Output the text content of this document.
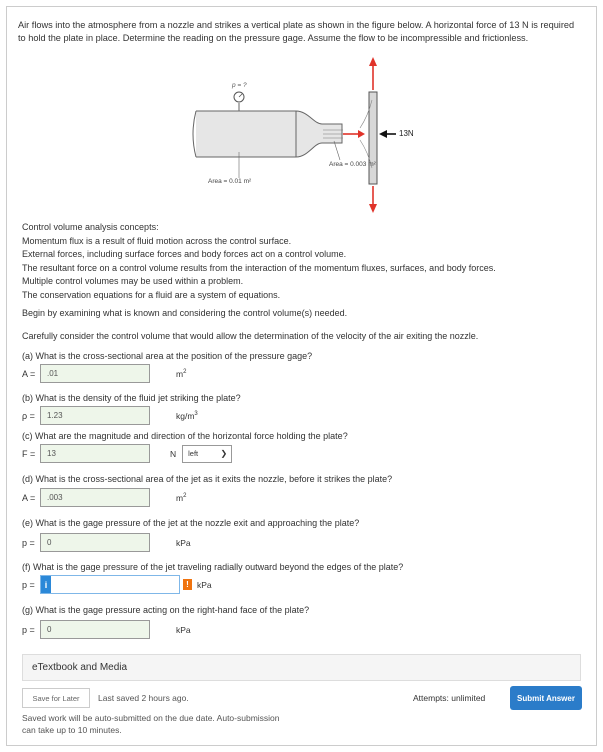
Air flows into the atmosphere from a nozzle and strikes a vertical plate as shown in the figure below. A horizontal force of 13 N is required to hold the plate in place. Determine the reading on the pressure gage. Assume the flow to be incompressible and frictionless.
p = ?
13N
Area = 0.003 m²
Area = 0.01 m²
Control volume analysis concepts:
Momentum flux is a result of fluid motion across the control surface.
External forces, including surface forces and body forces act on a control volume.
The resultant force on a control volume results from the interaction of the momentum fluxes, surfaces, and body forces.
Multiple control volumes may be used within a problem.
The conservation equations for a fluid are a system of equations.
Begin by examining what is known and considering the control volume(s) needed.
Carefully consider the control volume that would allow the determination of the velocity of the air exiting the nozzle.
(a) What is the cross-sectional area at the position of the pressure gage?
A =	.01	$m^2$
(b) What is the density of the fluid jet striking the plate?
ρ =	1.23	$kg/m^3$
(c) What are the magnitude and direction of the horizontal force holding the plate?
F =	13	N left	❯
(d) What is the cross-sectional area of the jet as it exits the nozzle, before it strikes the plate?
A =	.003	$m^2$
(e) What is the gage pressure of the jet at the nozzle exit and approaching the plate?
p =	0	kPa
(f) What is the gage pressure of the jet traveling radially outward beyond the edges of the plate?
p =	i	! kPa
(g) What is the gage pressure acting on the right-hand face of the plate?
p =	0	kPa
eTextbook and Media
Save for Later	Last saved 2 hours ago.
Saved work will be auto-submitted on the due date. Auto-submission can take up to 10 minutes.
Attempts: unlimited	Submit Answer
